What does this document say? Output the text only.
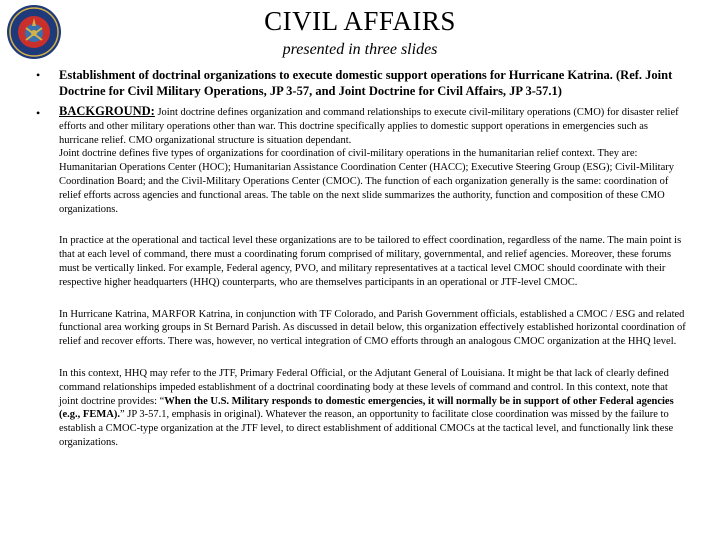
CIVIL AFFAIRS
presented in three slides
•	Establishment of doctrinal organizations to execute domestic support operations for Hurricane Katrina. (Ref. Joint Doctrine for Civil Military Operations, JP 3-57, and Joint Doctrine for Civil Affairs, JP 3-57.1)
•	BACKGROUND: Joint doctrine defines organization and command relationships to execute civil-military operations (CMO) for disaster relief efforts and other military operations other than war. This doctrine specifically applies to domestic support operations in emergencies such as hurricane relief. CMO organizational structure is situation dependant.
Joint doctrine defines five types of organizations for coordination of civil-military operations in the humanitarian relief context. They are: Humanitarian Operations Center (HOC); Humanitarian Assistance Coordination Center (HACC); Executive Steering Group (ESG); Civil-Military Coordination Board; and the Civil-Military Operations Center (CMOC). The function of each organization generally is the same: coordination of relief efforts across agencies and functional areas. The table on the next slide summarizes the authority, function and composition of these CMO organizations.
In practice at the operational and tactical level these organizations are to be tailored to effect coordination, regardless of the name. The main point is that at each level of command, there must a coordinating forum comprised of military, governmental, and relief agencies. Moreover, these forums must be vertically linked. For example, Federal agency, PVO, and military representatives at a tactical level CMOC should coordinate with their respective higher headquarters (HHQ) counterparts, who are themselves participants in an operational or JTF-level CMOC.
In Hurricane Katrina, MARFOR Katrina, in conjunction with TF Colorado, and Parish Government officials, established a CMOC / ESG and related functional area working groups in St Bernard Parish. As discussed in detail below, this organization effectively established horizontal coordination of relief and recover efforts. There was, however, no vertical integration of CMO efforts through an analogous CMOC organization at the HHQ level.
In this context, HHQ may refer to the JTF, Primary Federal Official, or the Adjutant General of Louisiana. It might be that lack of clearly defined command relationships impeded establishment of a doctrinal coordinating body at these levels of command and control. In this context, note that joint doctrine provides: “When the U.S. Military responds to domestic emergencies, it will normally be in support of other Federal agencies (e.g., FEMA).” JP 3-57.1, emphasis in original). Whatever the reason, an opportunity to facilitate close coordination was missed by the failure to establish a CMOC-type organization at the JTF level, to direct establishment of additional CMOCs at the tactical level, and functionally link these organizations.
